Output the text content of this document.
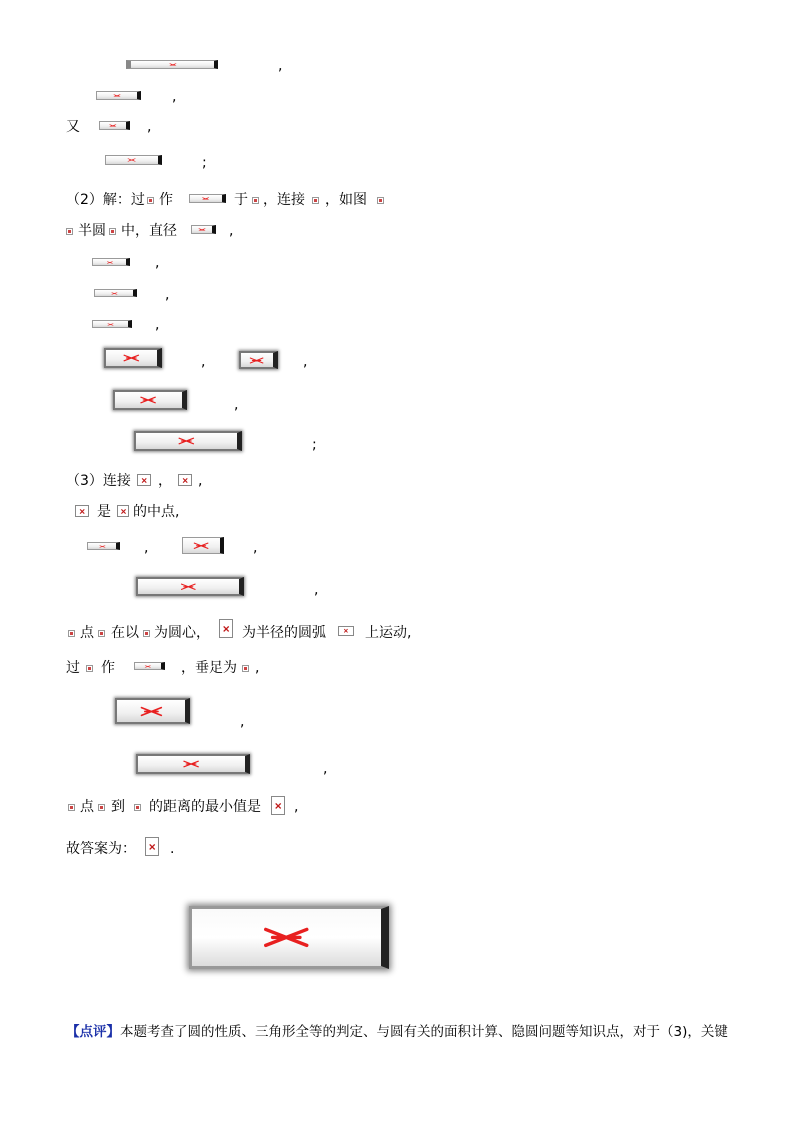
,
,
又	,
;
（2）解：过 作	于 ，连接 ，如图
半圆 中，直径	,
,
,
,
,	,
,
;
（3）连接 ， ,
是 的中点,
,	,
,
点 在以 为圆心， 为半径的圆弧	上运动,
过 作	，垂足为 ,
,
,
点 到 的距离的最小值是 ,
故答案为： .
【点评】本题考查了圆的性质、三角形全等的判定、与圆有关的面积计算、隐圆问题等知识点，对于（3)，关键
